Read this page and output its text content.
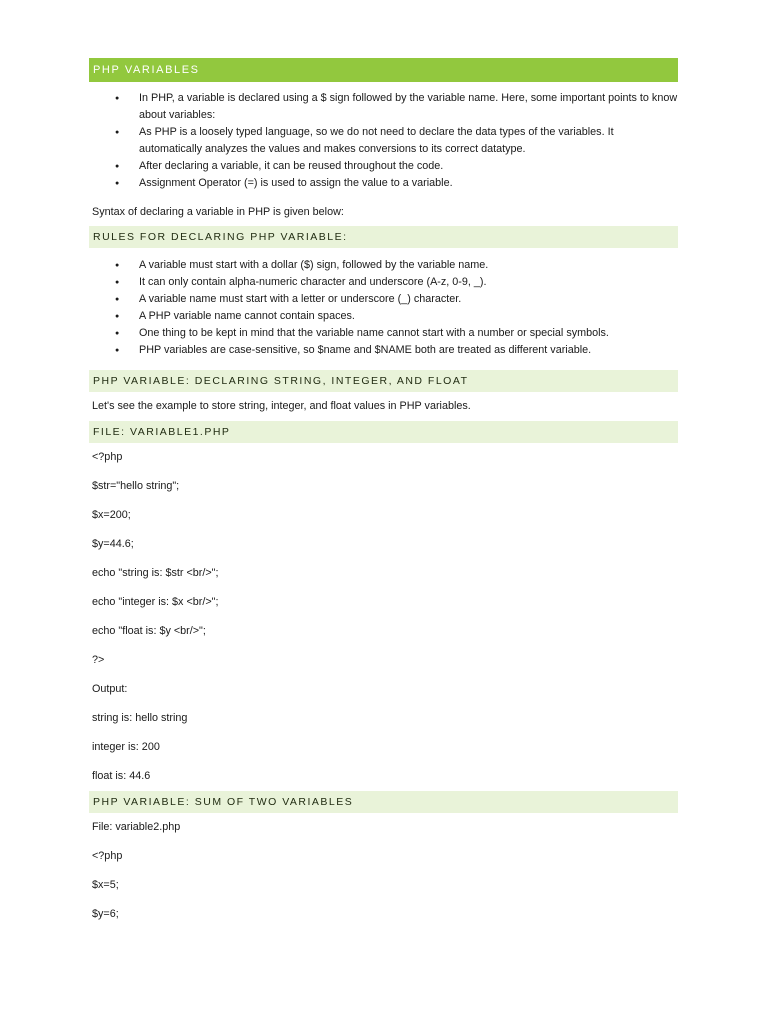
PHP VARIABLES
● In PHP, a variable is declared using a $ sign followed by the variable name. Here, some important points to know about variables:
● As PHP is a loosely typed language, so we do not need to declare the data types of the variables. It automatically analyzes the values and makes conversions to its correct datatype.
● After declaring a variable, it can be reused throughout the code.
● Assignment Operator (=) is used to assign the value to a variable.

Syntax of declaring a variable in PHP is given below:

RULES FOR DECLARING PHP VARIABLE:
● A variable must start with a dollar ($) sign, followed by the variable name.
● It can only contain alpha-numeric character and underscore (A-z, 0-9, _).
● A variable name must start with a letter or underscore (_) character.
● A PHP variable name cannot contain spaces.
● One thing to be kept in mind that the variable name cannot start with a number or special symbols.
● PHP variables are case-sensitive, so $name and $NAME both are treated as different variable.
PHP VARIABLE: DECLARING STRING, INTEGER, AND FLOAT

Let's see the example to store string, integer, and float values in PHP variables.

FILE: VARIABLE1.PHP

<?php

$str="hello string";

$x=200;

$y=44.6;

echo "string is: $str <br/>";

echo "integer is: $x <br/>";

echo "float is: $y <br/>";

?>

Output:

string is: hello string

integer is: 200

float is: 44.6

PHP VARIABLE: SUM OF TWO VARIABLES

File: variable2.php

<?php

$x=5;

$y=6;
